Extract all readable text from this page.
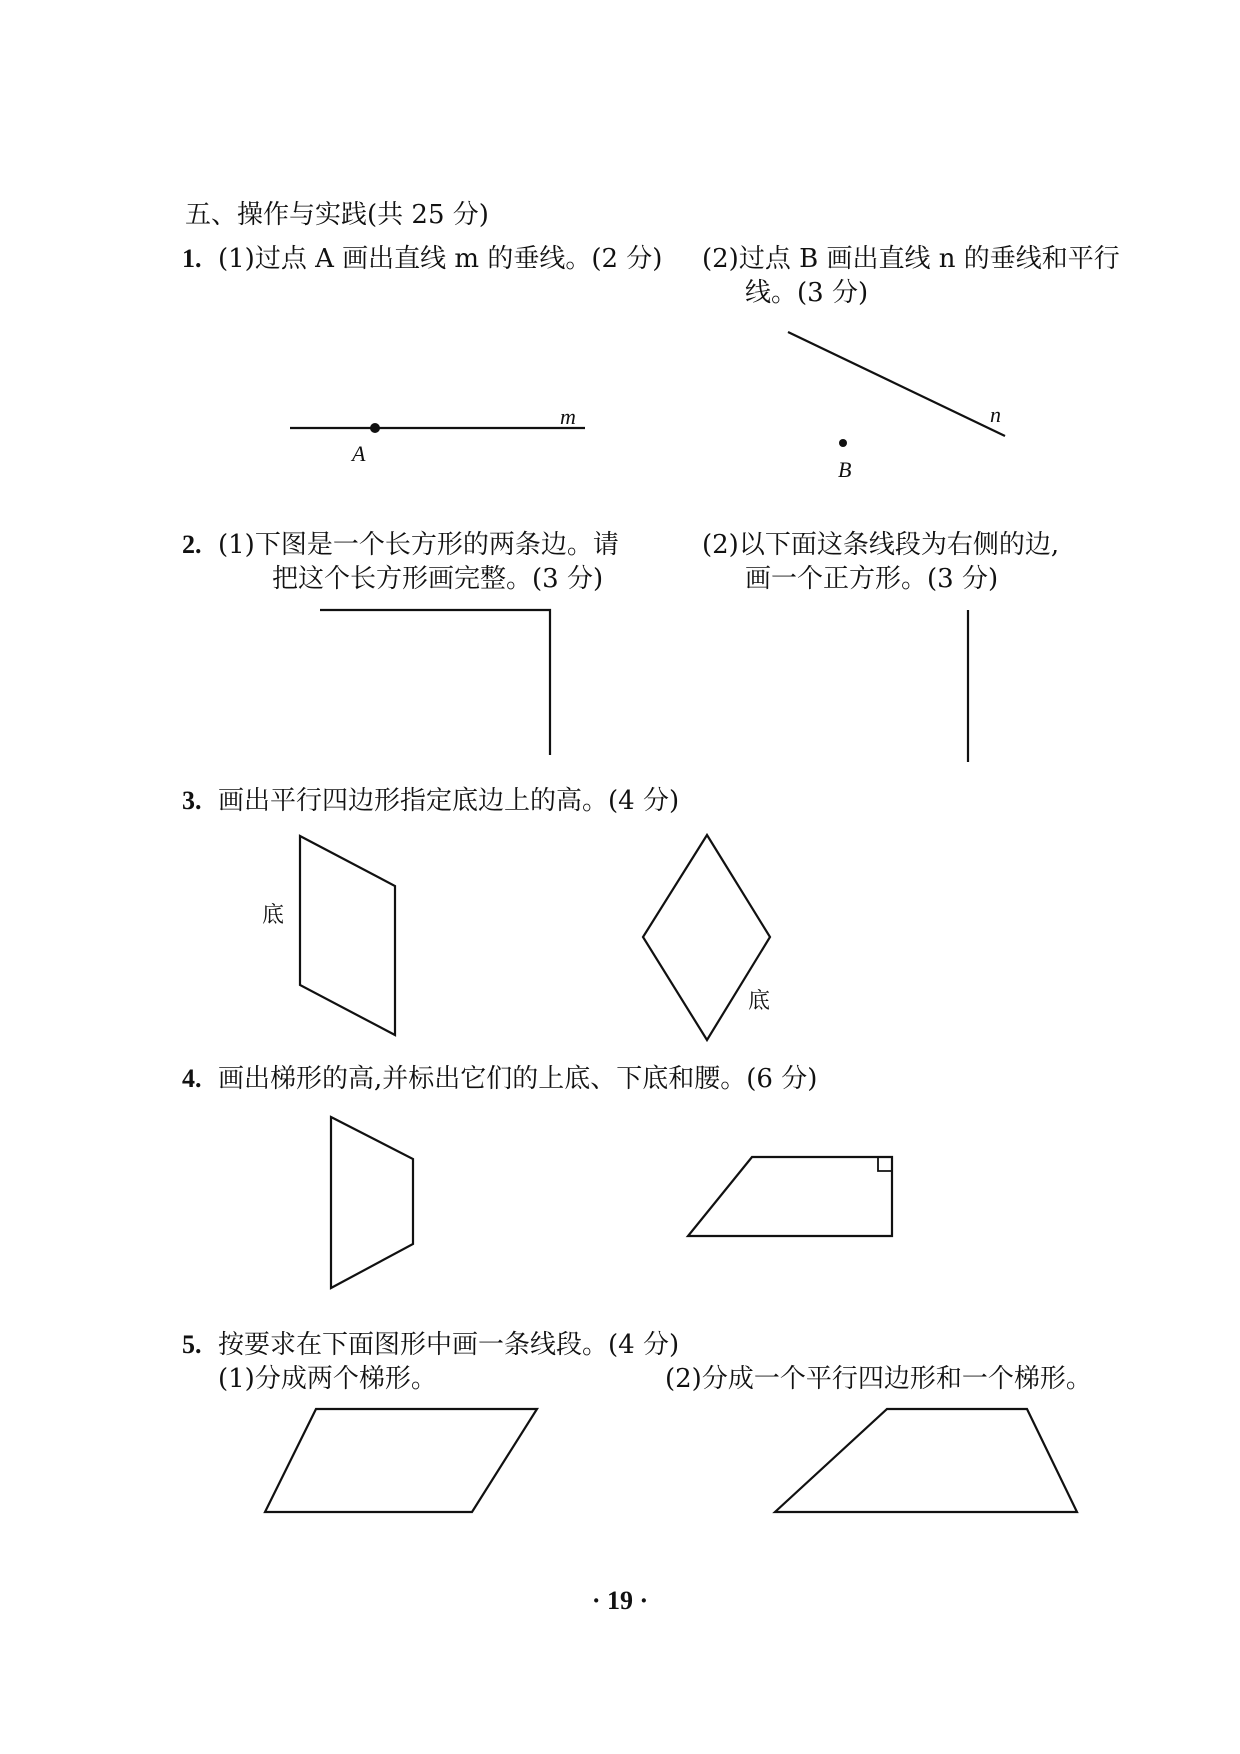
五、操作与实践(共 25 分)
1. (1)过点 A 画出直线 m 的垂线。(2 分) (2)过点 B 画出直线 n 的垂线和平行
线。(3 分)
A
m
B
n
2. (1)下图是一个长方形的两条边。请
把这个长方形画完整。(3 分)
(2)以下面这条线段为右侧的边,
画一个正方形。(3 分)
3. 画出平行四边形指定底边上的高。(4 分)
底
底
4. 画出梯形的高,并标出它们的上底、下底和腰。(6 分)
5. 按要求在下面图形中画一条线段。(4 分)
(1)分成两个梯形。	(2)分成一个平行四边形和一个梯形。
· 19 ·
